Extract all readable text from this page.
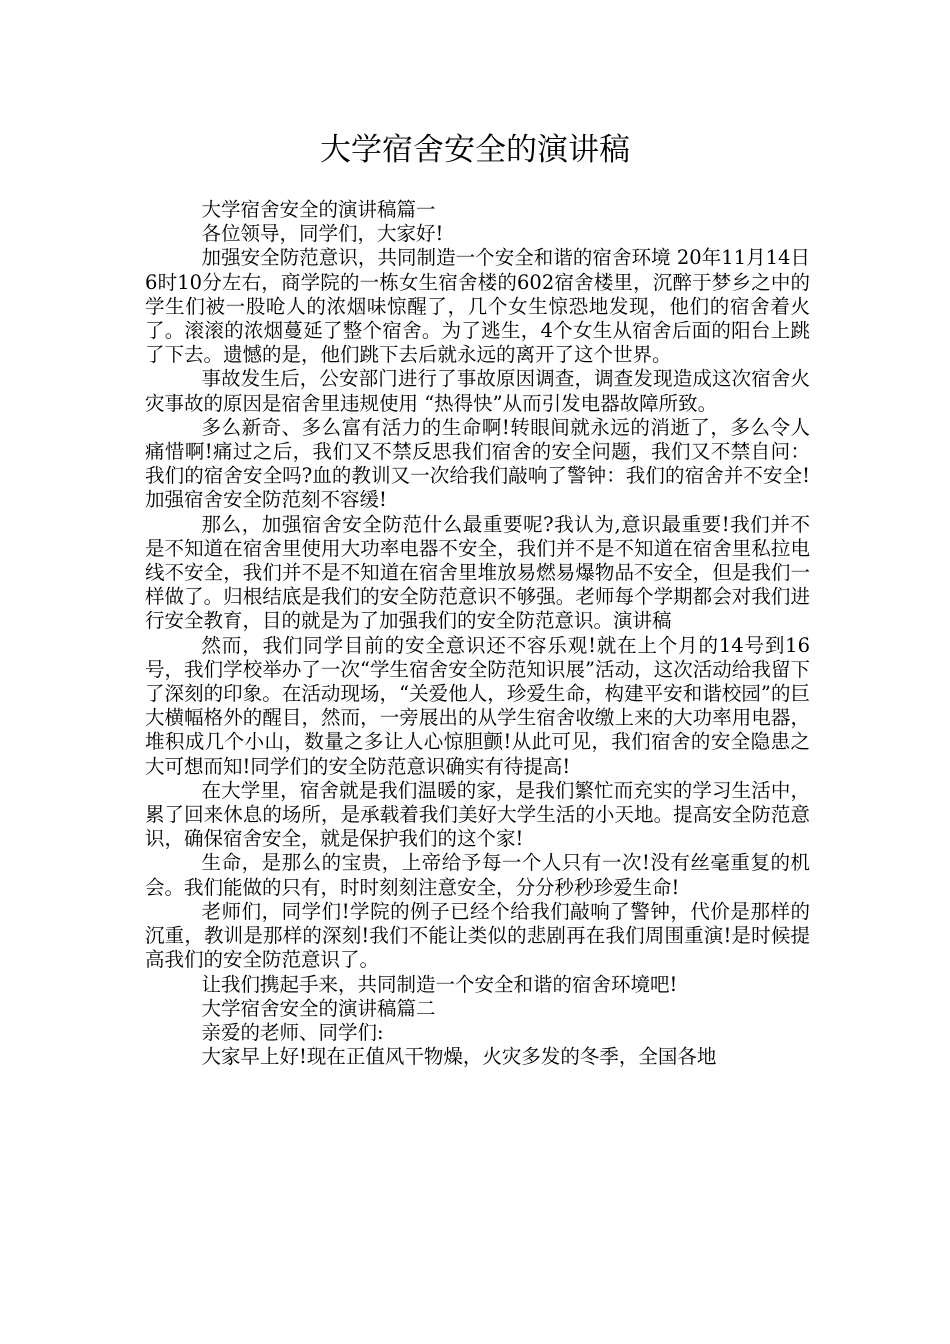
大学宿舍安全的演讲稿

大学宿舍安全的演讲稿篇一

各位领导，同学们，大家好!

加强安全防范意识，共同制造一个安全和谐的宿舍环境 20年11月14日6时10分左右，商学院的一栋女生宿舍楼的602宿舍楼里，沉醉于梦乡之中的学生们被一股呛人的浓烟味惊醒了，几个女生惊恐地发现，他们的宿舍着火了。滚滚的浓烟蔓延了整个宿舍。为了逃生，4个女生从宿舍后面的阳台上跳了下去。遗憾的是，他们跳下去后就永远的离开了这个世界。

事故发生后，公安部门进行了事故原因调查，调查发现造成这次宿舍火灾事故的原因是宿舍里违规使用 “热得快”从而引发电器故障所致。

多么新奇、多么富有活力的生命啊!转眼间就永远的消逝了，多么令人痛惜啊!痛过之后，我们又不禁反思我们宿舍的安全问题，我们又不禁自问：我们的宿舍安全吗?血的教训又一次给我们敲响了警钟：我们的宿舍并不安全!加强宿舍安全防范刻不容缓!

那么，加强宿舍安全防范什么最重要呢?我认为,意识最重要!我们并不是不知道在宿舍里使用大功率电器不安全，我们并不是不知道在宿舍里私拉电线不安全，我们并不是不知道在宿舍里堆放易燃易爆物品不安全，但是我们一样做了。归根结底是我们的安全防范意识不够强。老师每个学期都会对我们进行安全教育，目的就是为了加强我们的安全防范意识。演讲稿

然而，我们同学目前的安全意识还不容乐观!就在上个月的14号到16号，我们学校举办了一次“学生宿舍安全防范知识展”活动，这次活动给我留下了深刻的印象。在活动现场，“关爱他人，珍爱生命，构建平安和谐校园”的巨大横幅格外的醒目，然而，一旁展出的从学生宿舍收缴上来的大功率用电器，堆积成几个小山，数量之多让人心惊胆颤!从此可见，我们宿舍的安全隐患之大可想而知!同学们的安全防范意识确实有待提高!

在大学里，宿舍就是我们温暖的家，是我们繁忙而充实的学习生活中，累了回来休息的场所，是承载着我们美好大学生活的小天地。提高安全防范意识，确保宿舍安全，就是保护我们的这个家!

生命，是那么的宝贵，上帝给予每一个人只有一次!没有丝毫重复的机会。我们能做的只有，时时刻刻注意安全，分分秒秒珍爱生命!

老师们，同学们!学院的例子已经个给我们敲响了警钟，代价是那样的沉重，教训是那样的深刻!我们不能让类似的悲剧再在我们周围重演!是时候提高我们的安全防范意识了。

让我们携起手来，共同制造一个安全和谐的宿舍环境吧!

大学宿舍安全的演讲稿篇二

亲爱的老师、同学们:

大家早上好!现在正值风干物燥，火灾多发的冬季，全国各地
